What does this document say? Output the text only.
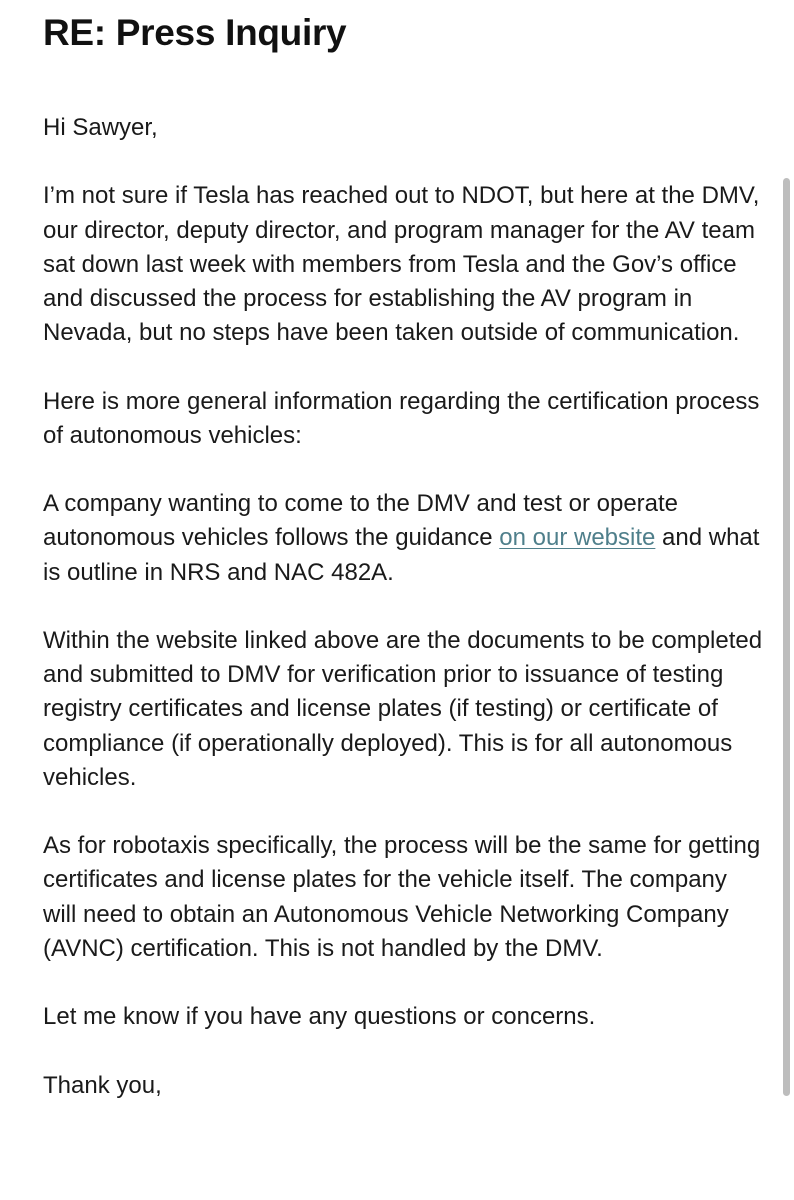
RE: Press Inquiry

Hi Sawyer,

I’m not sure if Tesla has reached out to NDOT, but here at the DMV, our director, deputy director, and program manager for the AV team sat down last week with members from Tesla and the Gov’s office and discussed the process for establishing the AV program in Nevada, but no steps have been taken outside of communication.

Here is more general information regarding the certification process of autonomous vehicles:

A company wanting to come to the DMV and test or operate autonomous vehicles follows the guidance on our website and what is outline in NRS and NAC 482A.

Within the website linked above are the documents to be completed and submitted to DMV for verification prior to issuance of testing registry certificates and license plates (if testing) or certificate of compliance (if operationally deployed). This is for all autonomous vehicles.

As for robotaxis specifically, the process will be the same for getting certificates and license plates for the vehicle itself. The company will need to obtain an Autonomous Vehicle Networking Company (AVNC) certification. This is not handled by the DMV.

Let me know if you have any questions or concerns.

Thank you,
